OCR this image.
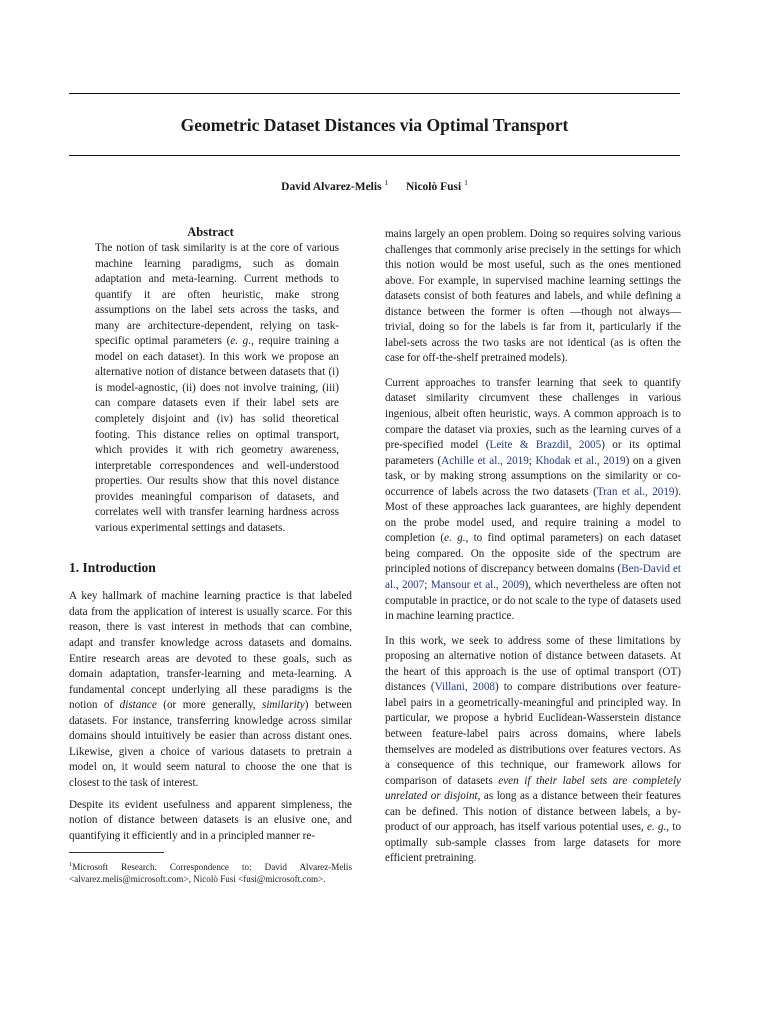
Geometric Dataset Distances via Optimal Transport

David Alvarez-Melis $^1$ Nicolò Fusi $^1$

Abstract

The notion of task similarity is at the core of various machine learning paradigms, such as domain adaptation and meta-learning. Current methods to quantify it are often heuristic, make strong assumptions on the label sets across the tasks, and many are architecture-dependent, relying on task-specific optimal parameters (e. g., require training a model on each dataset). In this work we propose an alternative notion of distance between datasets that (i) is model-agnostic, (ii) does not involve training, (iii) can compare datasets even if their label sets are completely disjoint and (iv) has solid theoretical footing. This distance relies on optimal transport, which provides it with rich geometry awareness, interpretable correspondences and well-understood properties. Our results show that this novel distance provides meaningful comparison of datasets, and correlates well with transfer learning hardness across various experimental settings and datasets.

1. Introduction

A key hallmark of machine learning practice is that labeled data from the application of interest is usually scarce. For this reason, there is vast interest in methods that can combine, adapt and transfer knowledge across datasets and domains. Entire research areas are devoted to these goals, such as domain adaptation, transfer-learning and meta-learning. A fundamental concept underlying all these paradigms is the notion of distance (or more generally, similarity) between datasets. For instance, transferring knowledge across similar domains should intuitively be easier than across distant ones. Likewise, given a choice of various datasets to pretrain a model on, it would seem natural to choose the one that is closest to the task of interest.

Despite its evident usefulness and apparent simpleness, the notion of distance between datasets is an elusive one, and quantifying it efficiently and in a principled manner re-

$^1$Microsoft Research. Correspondence to: David Alvarez-Melis <alvarez.melis@microsoft.com>, Nicolò Fusi <fusi@microsoft.com>.

mains largely an open problem. Doing so requires solving various challenges that commonly arise precisely in the settings for which this notion would be most useful, such as the ones mentioned above. For example, in supervised machine learning settings the datasets consist of both features and labels, and while defining a distance between the former is often —though not always— trivial, doing so for the labels is far from it, particularly if the label-sets across the two tasks are not identical (as is often the case for off-the-shelf pretrained models).

Current approaches to transfer learning that seek to quantify dataset similarity circumvent these challenges in various ingenious, albeit often heuristic, ways. A common approach is to compare the dataset via proxies, such as the learning curves of a pre-specified model (Leite & Brazdil, 2005) or its optimal parameters (Achille et al., 2019; Khodak et al., 2019) on a given task, or by making strong assumptions on the similarity or co-occurrence of labels across the two datasets (Tran et al., 2019). Most of these approaches lack guarantees, are highly dependent on the probe model used, and require training a model to completion (e. g., to find optimal parameters) on each dataset being compared. On the opposite side of the spectrum are principled notions of discrepancy between domains (Ben-David et al., 2007; Mansour et al., 2009), which nevertheless are often not computable in practice, or do not scale to the type of datasets used in machine learning practice.

In this work, we seek to address some of these limitations by proposing an alternative notion of distance between datasets. At the heart of this approach is the use of optimal transport (OT) distances (Villani, 2008) to compare distributions over feature-label pairs in a geometrically-meaningful and principled way. In particular, we propose a hybrid Euclidean-Wasserstein distance between feature-label pairs across domains, where labels themselves are modeled as distributions over features vectors. As a consequence of this technique, our framework allows for comparison of datasets even if their label sets are completely unrelated or disjoint, as long as a distance between their features can be defined. This notion of distance between labels, a by-product of our approach, has itself various potential uses, e. g., to optimally sub-sample classes from large datasets for more efficient pretraining.
